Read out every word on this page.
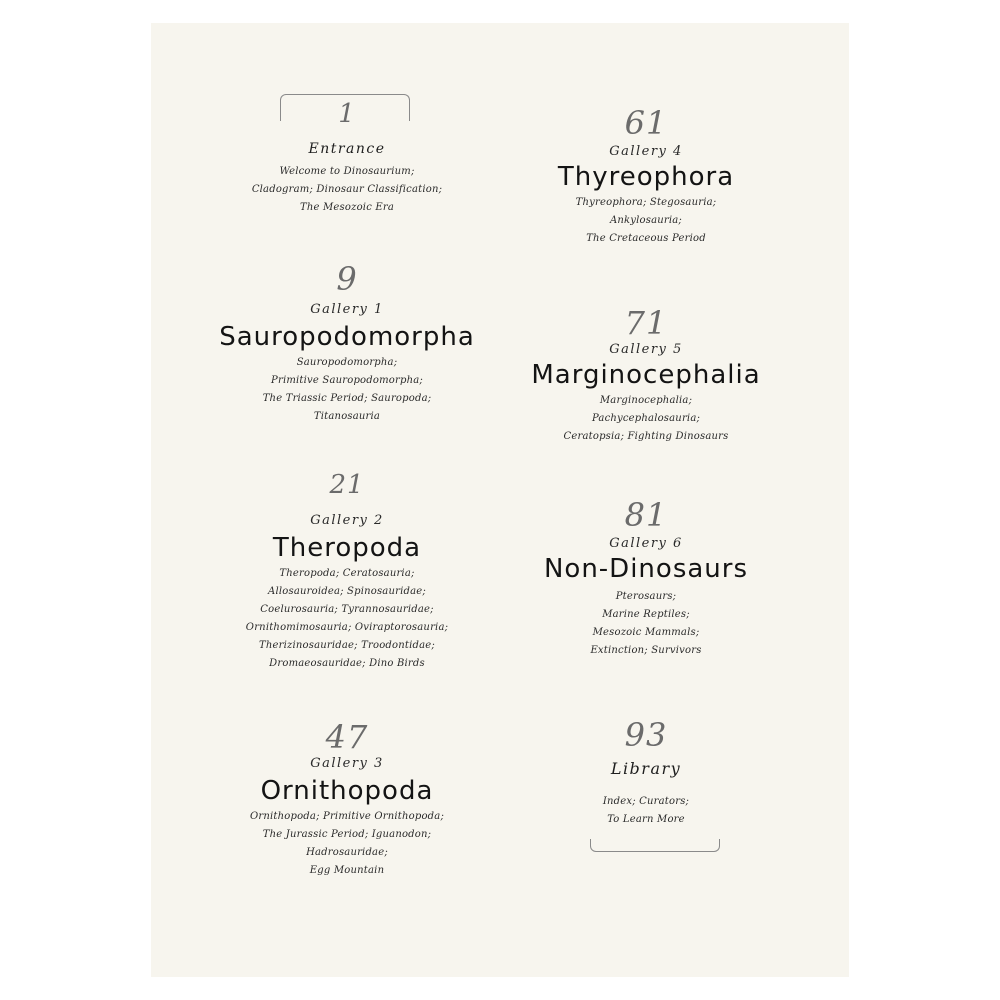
1
Entrance
Welcome to Dinosaurium;
Cladogram; Dinosaur Classification;
The Mesozoic Era
9
Gallery 1
Sauropodomorpha
Sauropodomorpha;
Primitive Sauropodomorpha;
The Triassic Period; Sauropoda;
Titanosauria
21
Gallery 2
Theropoda
Theropoda; Ceratosauria;
Allosauroidea; Spinosauridae;
Coelurosauria; Tyrannosauridae;
Ornithomimosauria; Oviraptorosauria;
Therizinosauridae; Troodontidae;
Dromaeosauridae; Dino Birds
47
Gallery 3
Ornithopoda
Ornithopoda; Primitive Ornithopoda;
The Jurassic Period; Iguanodon;
Hadrosauridae;
Egg Mountain
61
Gallery 4
Thyreophora
Thyreophora; Stegosauria;
Ankylosauria;
The Cretaceous Period
71
Gallery 5
Marginocephalia
Marginocephalia;
Pachycephalosauria;
Ceratopsia; Fighting Dinosaurs
81
Gallery 6
Non-Dinosaurs
Pterosaurs;
Marine Reptiles;
Mesozoic Mammals;
Extinction; Survivors
93
Library
Index; Curators;
To Learn More
